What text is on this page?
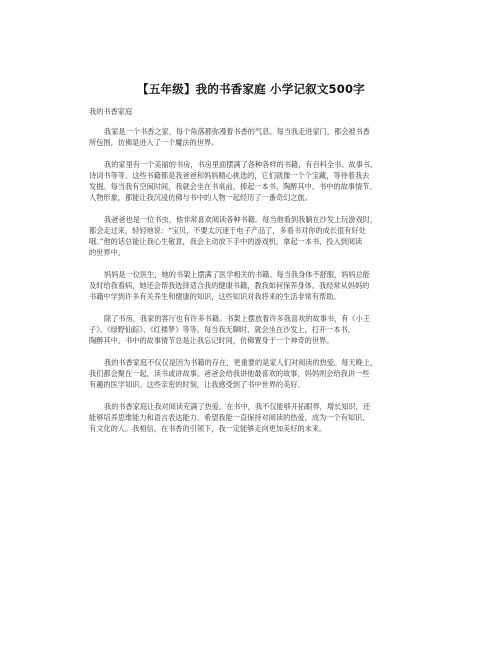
【五年级】我的书香家庭 小学记叙文500字
我的书香家庭
我家是一个书香之家，每个角落都弥漫着书香的气息。每当我走进家门，都会被书香
所包围，仿佛是进入了一个魔法的世界。
我的家里有一个美丽的书房，书房里面摆满了各种各样的书籍，有百科全书、故事书、
诗词书等等。这些书籍都是我爸爸和妈妈精心挑选的，它们就像一个个宝藏，等待着我去
发掘。每当我有空闲时间，我就会坐在书桌前，捧起一本书，陶醉其中。书中的故事情节、
人物形象，都能让我沉浸仿佛与书中的人物一起经历了一番奇幻之旅。
我爸爸也是一位书虫，他非常喜欢阅读各种书籍。每当他看到我躺在沙发上玩游戏时，
都会走过来，轻轻地说：“宝贝，不要太沉迷于电子产品了，多看书对你的成长很有好处
哦。”他的话总能让我心生敬意，我会主动放下手中的游戏机，拿起一本书，投入到阅读
的世界中。
妈妈是一位医生，她的书架上摆满了医学相关的书籍。每当我身体不舒服，妈妈总能
及时给我看病，她还会帮我选择适合我的健康书籍，教我如何保养身体。我经常从妈妈的
书籍中学到许多有关养生和健康的知识，这些知识对我将来的生活非常有帮助。
除了书房，我家的客厅也有许多书籍。书架上摆放着许多我喜欢的故事书，有《小王
子》、《绿野仙踪》、《红楼梦》等等。每当我无聊时，就会坐在沙发上，打开一本书，
陶醉其中。书中的故事情节总是让我忘记时间，仿佛置身于一个神奇的世界。
我的书香家庭不仅仅是因为书籍的存在，更重要的是家人们对阅读的热爱。每天晚上，
我们都会聚在一起，读书或讲故事。爸爸会给我讲他最喜欢的故事，妈妈则会给我讲一些
有趣的医学知识。这些亲密的时刻，让我感受到了书中世界的美好。
我的书香家庭让我对阅读充满了热爱。在书中，我不仅能够开拓眼界，增长知识，还
能够培养思维能力和语言表达能力。希望我能一直保持对阅读的热爱，成为一个有知识、
有文化的人。我相信，在书香的引领下，我一定能够走向更加美好的未来。
